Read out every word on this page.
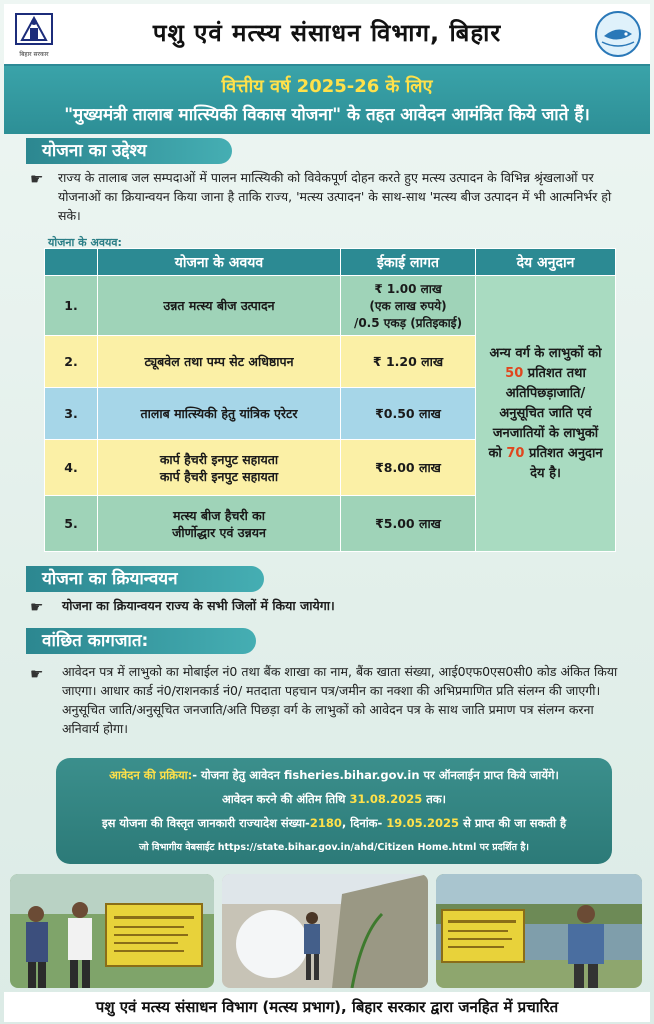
बिहार सरकार
पशु एवं मत्स्य संसाधन विभाग, बिहार
वित्तीय वर्ष 2025-26 के लिए
"मुख्यमंत्री तालाब मात्स्यिकी विकास योजना" के तहत आवेदन आमंत्रित किये जाते हैं।
योजना का उद्देश्य
☛ राज्य के तालाब जल सम्पदाओं में पालन मात्स्यिकी को विवेकपूर्ण दोहन करते हुए मत्स्य उत्पादन के विभिन्न श्रृंखलाओं पर योजनाओं का क्रियान्वयन किया जाना है ताकि राज्य, 'मत्स्य उत्पादन' के साथ-साथ 'मत्स्य बीज उत्पादन में भी आत्मनिर्भर हो सके।
योजना के अवयव:
	योजना के अवयव	ईकाई लागत	देय अनुदान
1.	उन्नत मत्स्य बीज उत्पादन	₹ 1.00 लाख
(एक लाख रुपये)
/0.5 एकड़ (प्रतिइकाई)	अन्य वर्ग के लाभुकों को 50 प्रतिशत तथा अतिपिछड़ाजाति/ अनुसूचित जाति एवं जनजातियों के लाभुकों को 70 प्रतिशत अनुदान देय है।
2.	ट्यूबवेल तथा पम्प सेट अधिष्ठापन	₹ 1.20 लाख	
3.	तालाब मात्स्यिकी हेतु यांत्रिक एरेटर	₹0.50 लाख	
4.	कार्प हैचरी इनपुट सहायता
कार्प हैचरी इनपुट सहायता	₹8.00 लाख	
5.	मत्स्य बीज हैचरी का
जीर्णोद्धार एवं उन्नयन	₹5.00 लाख	
योजना का क्रियान्वयन
☛ योजना का क्रियान्वयन राज्य के सभी जिलों में किया जायेगा।
वांछित कागजात:
☛ आवेदन पत्र में लाभुको का मोबाईल नं0 तथा बैंक शाखा का नाम, बैंक खाता संख्या, आई0एफ0एस0सी0 कोड अंकित किया जाएगा। आधार कार्ड नं0/राशनकार्ड नं0/ मतदाता पहचान पत्र/जमीन का नक्शा की अभिप्रमाणित प्रति संलग्न की जाएगी। अनुसूचित जाति/अनुसूचित जनजाति/अति पिछड़ा वर्ग के लाभुकों को आवेदन पत्र के साथ जाति प्रमाण पत्र संलग्न करना अनिवार्य होगा।
आवेदन की प्रक्रिया:- योजना हेतु आवेदन fisheries.bihar.gov.in पर ऑनलाईन प्राप्त किये जायेंगे।
आवेदन करने की अंतिम तिथि 31.08.2025 तक।
इस योजना की विस्तृत जानकारी राज्यादेश संख्या-2180, दिनांक- 19.05.2025 से प्राप्त की जा सकती है
जो विभागीय वेबसाईट https://state.bihar.gov.in/ahd/Citizen Home.html पर प्रदर्शित है।
पशु एवं मत्स्य संसाधन विभाग (मत्स्य प्रभाग), बिहार सरकार द्वारा जनहित में प्रचारित
